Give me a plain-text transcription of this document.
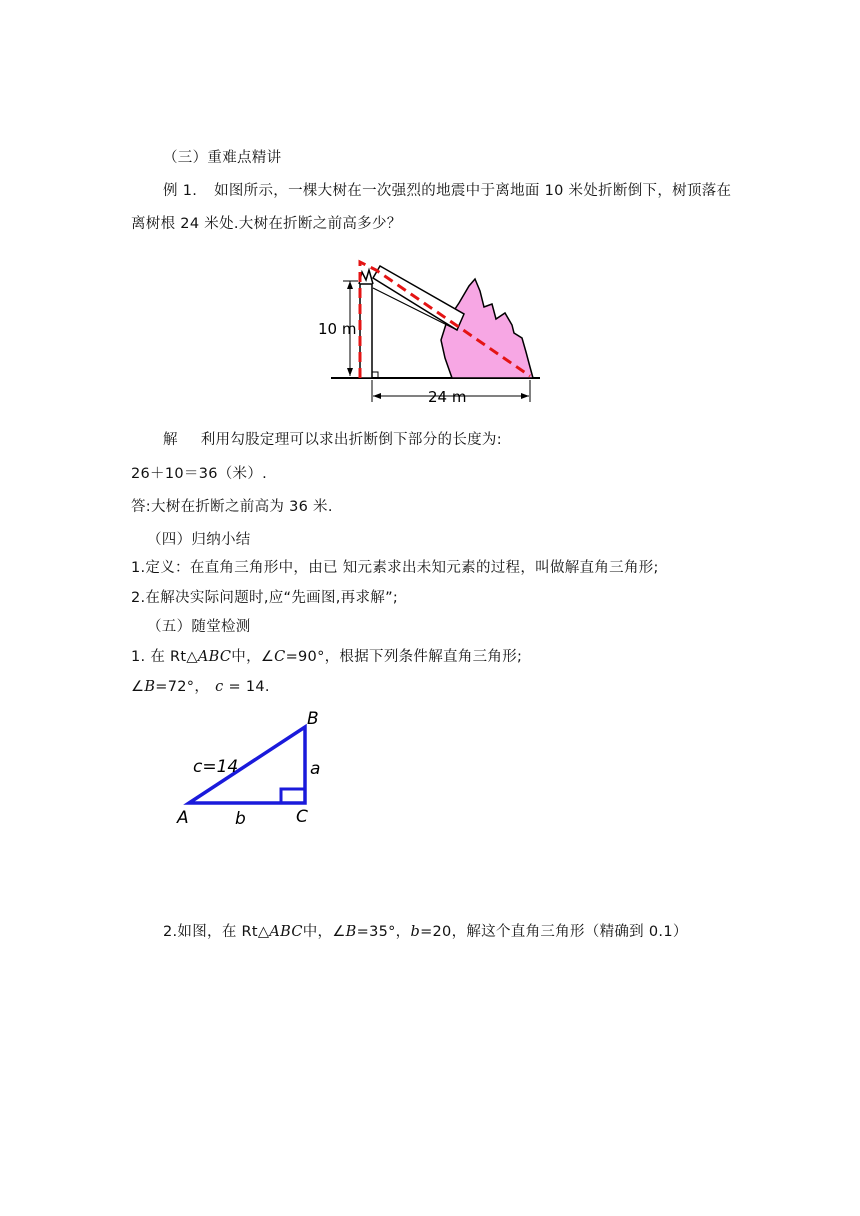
（三）重难点精讲
例 1. 如图所示，一棵大树在一次强烈的地震中于离地面 10 米处折断倒下，树顶落在
离树根 24 米处.大树在折断之前高多少？
10 m
24 m
解 利用勾股定理可以求出折断倒下部分的长度为:
26＋10＝36（米）.
答:大树在折断之前高为 36 米.
（四）归纳小结
1.定义：在直角三角形中，由已 知元素求出未知元素的过程，叫做解直角三角形;
2.在解决实际问题时,应“先画图,再求解”;
（五）随堂检测
1. 在 Rt△ABC中，∠C=90°，根据下列条件解直角三角形;
∠B=72°， c = 14.
B
A	C
a
b
c=14
2.如图，在 Rt△ABC中，∠B=35°，b=20，解这个直角三角形（精确到 0.1）
